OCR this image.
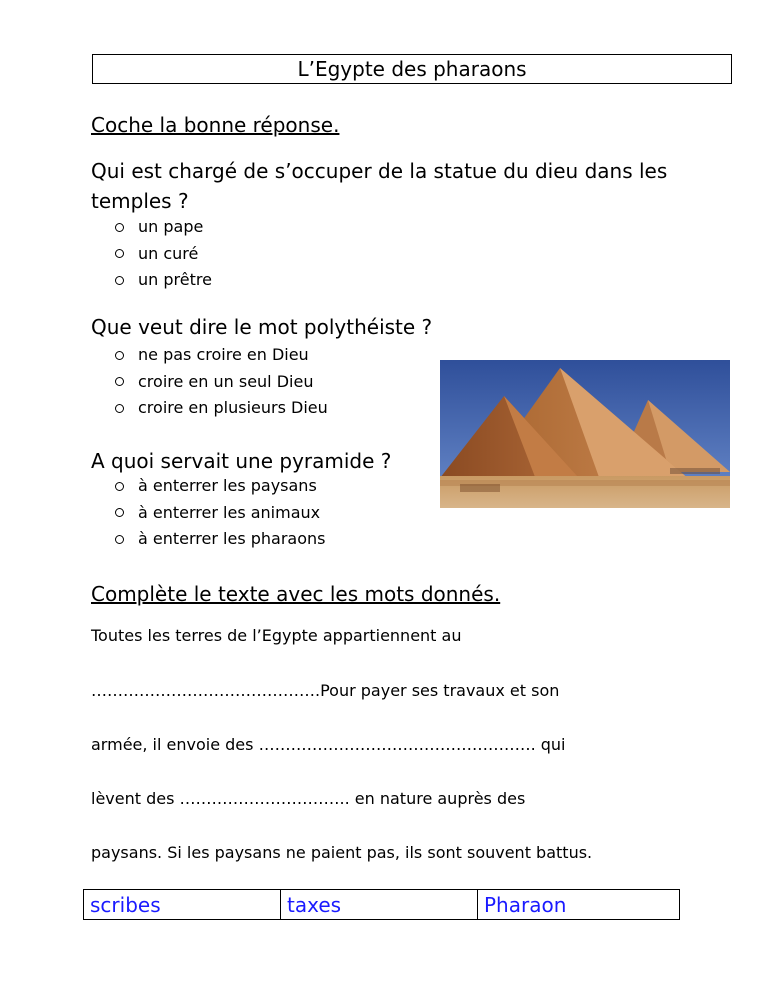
L’Egypte des pharaons
Coche la bonne réponse.
Qui est chargé de s’occuper de la statue du dieu dans les temples ?
un pape
un curé
un prêtre
Que veut dire le mot polythéiste ?
ne pas croire en Dieu
croire en un seul Dieu
croire en plusieurs Dieu
A quoi servait une pyramide ?
à enterrer les paysans
à enterrer les animaux
à enterrer les pharaons
Complète le texte avec les mots donnés.
Toutes les terres de l’Egypte appartiennent au
…………………………………….Pour payer ses travaux et son
armée, il envoie des ……………………………………………. qui
lèvent des ………………………….. en nature auprès des
paysans. Si les paysans ne paient pas, ils sont souvent battus.
scribes	taxes	Pharaon
